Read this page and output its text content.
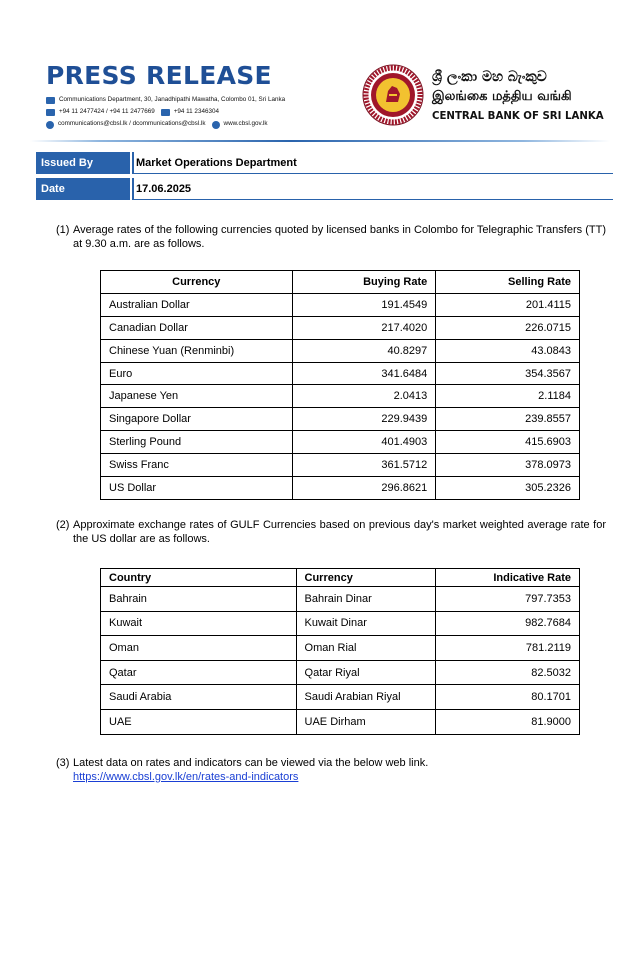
PRESS RELEASE
Communications Department, 30, Janadhipathi Mawatha, Colombo 01, Sri Lanka
+94 11 2477424 / +94 11 2477669	+94 11 2346304
communications@cbsl.lk / dcommunications@cbsl.lk	www.cbsl.gov.lk
ශ්‍රී ලංකා මහ බැංකුව
இலங்கை மத்திய வங்கி
CENTRAL BANK OF SRI LANKA
Issued By	Market Operations Department
Date	17.06.2025
(1) Average rates of the following currencies quoted by licensed banks in Colombo for Telegraphic Transfers (TT) at 9.30 a.m. are as follows.
Currency	Buying Rate	Selling Rate
Australian Dollar	191.4549	201.4115
Canadian Dollar	217.4020	226.0715
Chinese Yuan (Renminbi)	40.8297	43.0843
Euro	341.6484	354.3567
Japanese Yen	2.0413	2.1184
Singapore Dollar	229.9439	239.8557
Sterling Pound	401.4903	415.6903
Swiss Franc	361.5712	378.0973
US Dollar	296.8621	305.2326
(2) Approximate exchange rates of GULF Currencies based on previous day's market weighted average rate for the US dollar are as follows.
Country	Currency	Indicative Rate
Bahrain	Bahrain Dinar	797.7353
Kuwait	Kuwait Dinar	982.7684
Oman	Oman Rial	781.2119
Qatar	Qatar Riyal	82.5032
Saudi Arabia	Saudi Arabian Riyal	80.1701
UAE	UAE Dirham	81.9000
(3) Latest data on rates and indicators can be viewed via the below web link.
https://www.cbsl.gov.lk/en/rates-and-indicators
